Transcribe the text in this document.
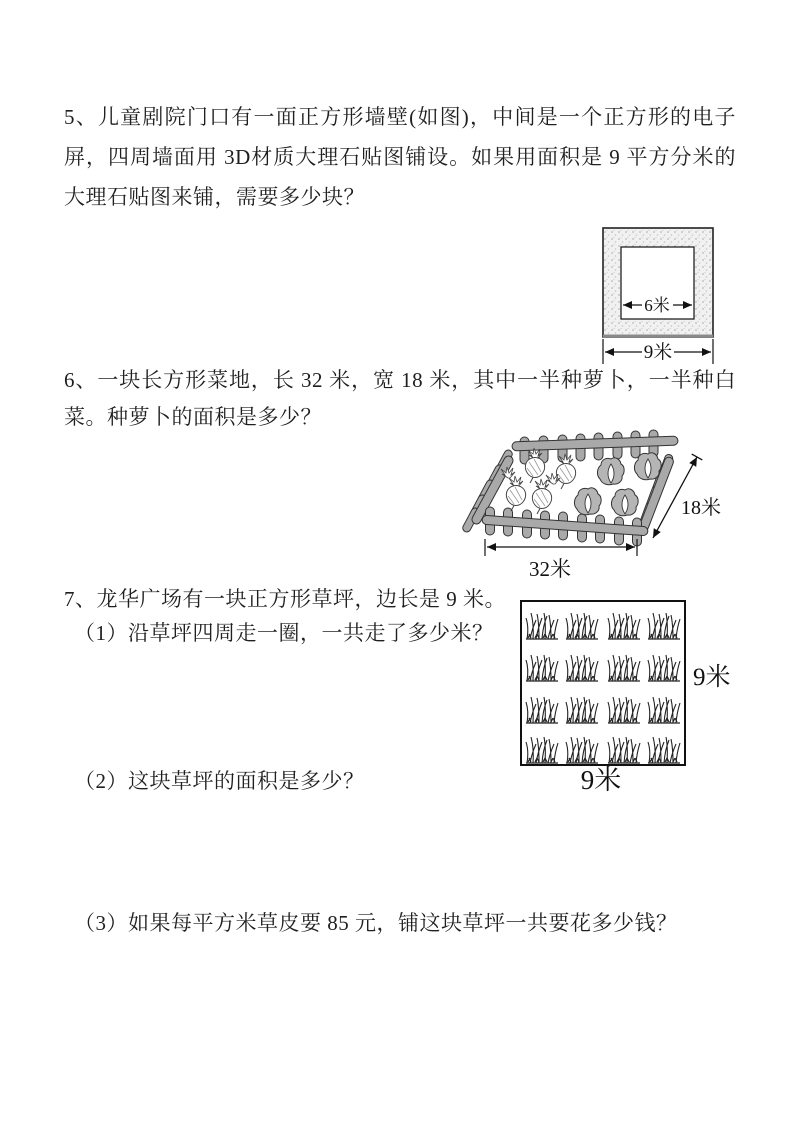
5、儿童剧院门口有一面正方形墙壁(如图)，中间是一个正方形的电子屏，四周墙面用 3D材质大理石贴图铺设。如果用面积是 9 平方分米的大理石贴图来铺，需要多少块？

6米
9米

6、一块长方形菜地，长 32 米，宽 18 米，其中一半种萝卜，一半种白菜。种萝卜的面积是多少？

18米
32米

7、龙华广场有一块正方形草坪，边长是 9 米。

（1）沿草坪四周走一圈，一共走了多少米？

9米
9米

（2）这块草坪的面积是多少？

（3）如果每平方米草皮要 85 元，铺这块草坪一共要花多少钱？
